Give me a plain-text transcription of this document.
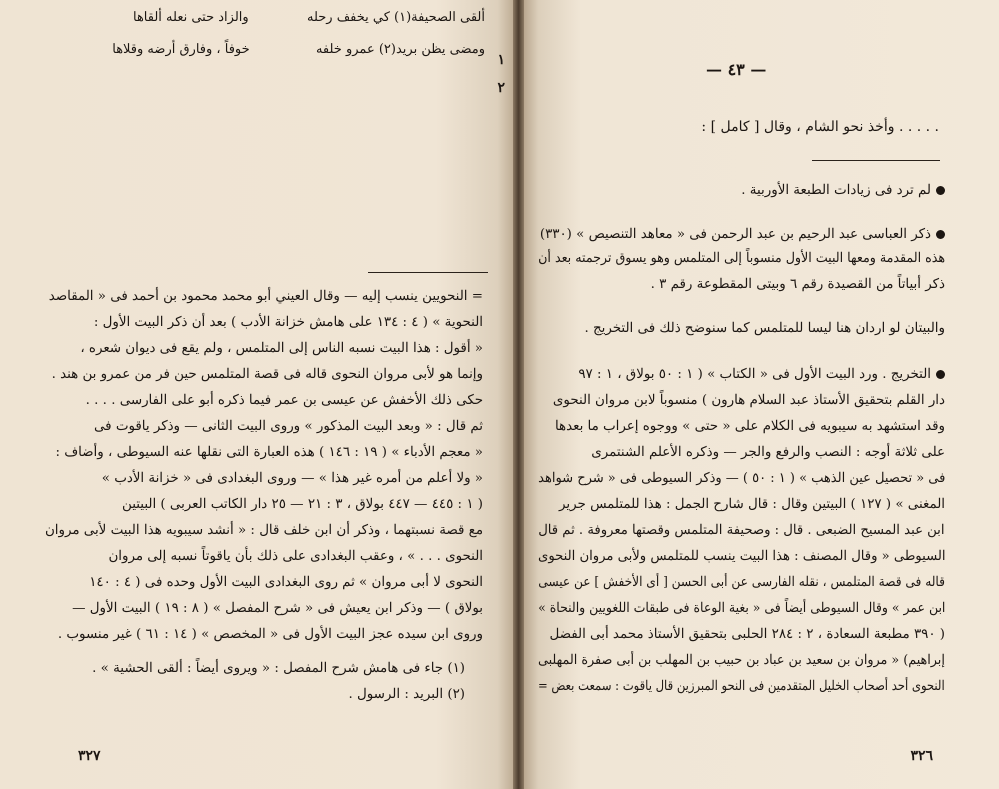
ألقى الصحيفة(١) كي يخفف رحله  والزاد حتى نعله ألقاها
١
ومضى يظن بريد(٢) عمرو خلفه  خوفاً ، وفارق أرضه وقلاها
٢
= النحويين ينسب إليه — وقال العيني أبو محمد محمود بن أحمد فى « المقاصد
النحوية » ( ٤ : ١٣٤ على هامش خزانة الأدب ) بعد أن ذكر البيت الأول :
« أقول : هذا البيت نسبه الناس إلى المتلمس ، ولم يقع فى ديوان شعره ،
وإنما هو لأبى مروان النحوى قاله فى قصة المتلمس حين فر من عمرو بن هند .
حكى ذلك الأخفش عن عيسى بن عمر فيما ذكره أبو على الفارسى . . . .
ثم قال : « وبعد البيت المذكور » وروى البيت الثانى — وذكر ياقوت فى
« معجم الأدباء » ( ١٩ : ١٤٦ ) هذه العبارة التى نقلها عنه السيوطى ، وأضاف :
« ولا أعلم من أمره غير هذا » — وروى البغدادى فى « خزانة الأدب »
( ١ : ٤٤٥ — ٤٤٧ بولاق ، ٣ : ٢١ — ٢٥ دار الكاتب العربى ) البيتين
مع قصة نسبتهما ، وذكر أن ابن خلف قال : « أنشد سيبويه هذا البيت لأبى مروان
النحوى . . . » ، وعقب البغدادى على ذلك بأن ياقوتاً نسبه إلى مروان
النحوى لا أبى مروان » ثم روى البغدادى البيت الأول وحده فى ( ٤ : ١٤٠
بولاق ) — وذكر ابن يعيش فى « شرح المفصل » ( ٨ : ١٩ ) البيت الأول —
وروى ابن سيده عجز البيت الأول فى « المخصص » ( ١٤ : ٦١ ) غير منسوب .
(١) جاء فى هامش شرح المفصل : « ويروى أيضاً : ألقى الحشية » .
(٢) البريد : الرسول .
٣٢٧
— ٤٣ —
. . . . . وأخذ نحو الشام ، وقال [ كامل ] :
لم ترد فى زيادات الطبعة الأوربية .
ذكر العباسى عبد الرحيم بن عبد الرحمن فى « معاهد التنصيص » (٣٣٠)
هذه المقدمة ومعها البيت الأول منسوباً إلى المتلمس وهو يسوق ترجمته بعد أن
ذكر أبياتاً من القصيدة رقم ٦ وبيتى المقطوعة رقم ٣ .
والبيتان لو اردان هنا ليسا للمتلمس كما سنوضح ذلك فى التخريج .
التخريج . ورد البيت الأول فى « الكتاب » ( ١ : ٥٠ بولاق ، ١ : ٩٧
دار القلم بتحقيق الأستاذ عبد السلام هارون ) منسوباً لابن مروان النحوى
وقد استشهد به سيبويه فى الكلام على « حتى » ووجوه إعراب ما بعدها
على ثلاثة أوجه : النصب والرفع والجر — وذكره الأعلم الشنتمرى
فى « تحصيل عين الذهب » ( ١ : ٥٠ ) — وذكر السيوطى فى « شرح شواهد
المغنى » ( ١٢٧ ) البيتين وقال : قال شارح الجمل : هذا للمتلمس جرير
ابن عبد المسيح الضبعى . قال : وصحيفة المتلمس وقصتها معروفة . ثم قال
السيوطى « وقال المصنف : هذا البيت ينسب للمتلمس ولأبى مروان النحوى
قاله فى قصة المتلمس ، نقله الفارسى عن أبى الحسن [ أى الأخفش ] عن عيسى
ابن عمر » وقال السيوطى أيضاً فى « بغية الوعاة فى طبقات اللغويين والنحاة »
( ٣٩٠ مطبعة السعادة ، ٢ : ٢٨٤ الحلبى بتحقيق الأستاذ محمد أبى الفضل
إبراهيم) « مروان بن سعيد بن عباد بن حبيب بن المهلب بن أبى صفرة المهلبى
النحوى أحد أصحاب الخليل المتقدمين فى النحو المبرزين قال ياقوت : سمعت بعض =
٣٢٦
